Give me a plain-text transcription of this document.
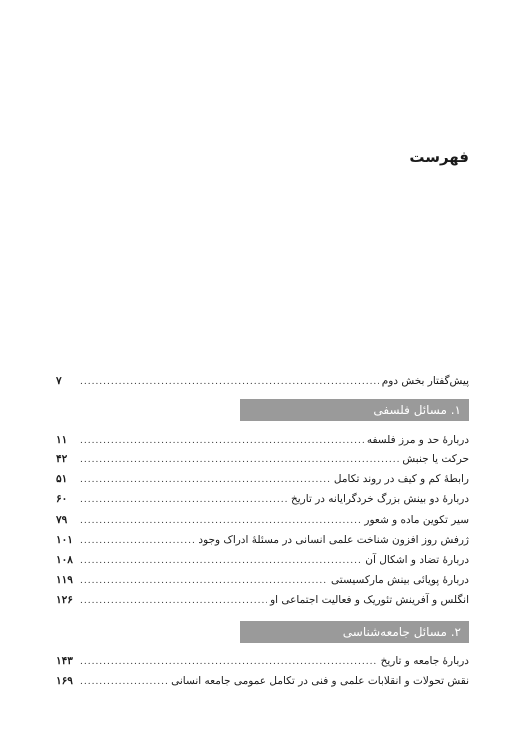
فهرست
پیش‌گفتار بخش دوم
.....
۷
۱. مسائل فلسفی
دربارهٔ حد و مرز فلسفه
.....
۱۱
حرکت یا جنبش
.....
۴۲
رابطهٔ کم و کیف در روند تکامل
.....
۵۱
دربارهٔ دو بینش بزرگ خردگرایانه در تاریخ
.....
۶۰
سیر تکوین ماده و شعور
.....
۷۹
ژرفش روز افزون شناخت علمی انسانی در مسئلهٔ ادراک وجود
.....
۱۰۱
دربارهٔ تضاد و اشکال آن
.....
۱۰۸
دربارهٔ پویائی بینش مارکسیستی
.....
۱۱۹
انگلس و آفرینش تئوریک و فعالیت اجتماعی او
.....
۱۲۶
۲. مسائل جامعه‌شناسی
دربارهٔ جامعه و تاریخ
.....
۱۴۳
نقش تحولات و انقلابات علمی و فنی در تکامل عمومی جامعه انسانی
.....
۱۶۹
